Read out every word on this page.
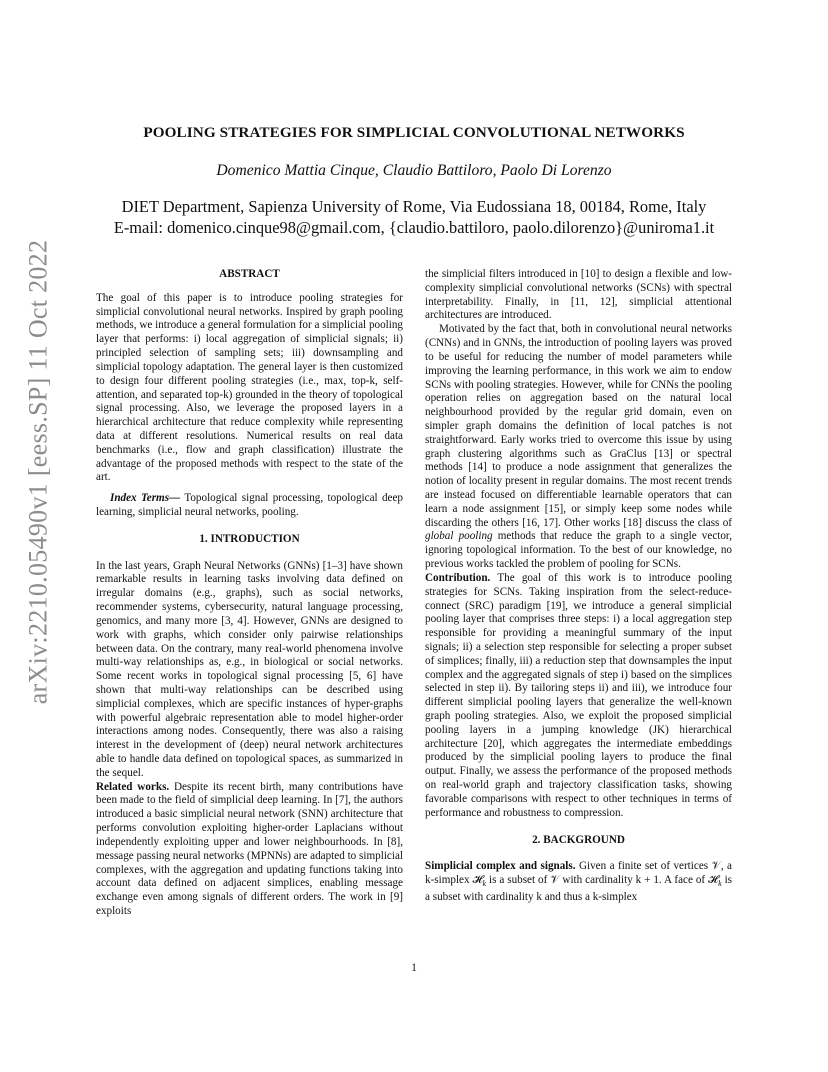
arXiv:2210.05490v1 [eess.SP] 11 Oct 2022
POOLING STRATEGIES FOR SIMPLICIAL CONVOLUTIONAL NETWORKS
Domenico Mattia Cinque, Claudio Battiloro, Paolo Di Lorenzo
DIET Department, Sapienza University of Rome, Via Eudossiana 18, 00184, Rome, Italy
E-mail: domenico.cinque98@gmail.com, {claudio.battiloro, paolo.dilorenzo}@uniroma1.it
ABSTRACT

The goal of this paper is to introduce pooling strategies for simplicial convolutional neural networks. Inspired by graph pooling methods, we introduce a general formulation for a simplicial pooling layer that performs: i) local aggregation of simplicial signals; ii) principled selection of sampling sets; iii) downsampling and simplicial topology adaptation. The general layer is then customized to design four different pooling strategies (i.e., max, top-k, self-attention, and separated top-k) grounded in the theory of topological signal processing. Also, we leverage the proposed layers in a hierarchical architecture that reduce complexity while representing data at different resolutions. Numerical results on real data benchmarks (i.e., flow and graph classification) illustrate the advantage of the proposed methods with respect to the state of the art.

Index Terms— Topological signal processing, topological deep learning, simplicial neural networks, pooling.

1. INTRODUCTION

In the last years, Graph Neural Networks (GNNs) [1–3] have shown remarkable results in learning tasks involving data defined on irregular domains (e.g., graphs), such as social networks, recommender systems, cybersecurity, natural language processing, genomics, and many more [3, 4]. However, GNNs are designed to work with graphs, which consider only pairwise relationships between data. On the contrary, many real-world phenomena involve multi-way relationships as, e.g., in biological or social networks. Some recent works in topological signal processing [5, 6] have shown that multi-way relationships can be described using simplicial complexes, which are specific instances of hyper-graphs with powerful algebraic representation able to model higher-order interactions among nodes. Consequently, there was also a raising interest in the development of (deep) neural network architectures able to handle data defined on topological spaces, as summarized in the sequel.

Related works. Despite its recent birth, many contributions have been made to the field of simplicial deep learning. In [7], the authors introduced a basic simplicial neural network (SNN) architecture that performs convolution exploiting higher-order Laplacians without independently exploiting upper and lower neighbourhoods. In [8], message passing neural networks (MPNNs) are adapted to simplicial complexes, with the aggregation and updating functions taking into account data defined on adjacent simplices, enabling message exchange even among signals of different orders. The work in [9] exploits

the simplicial filters introduced in [10] to design a flexible and low-complexity simplicial convolutional networks (SCNs) with spectral interpretability. Finally, in [11, 12], simplicial attentional architectures are introduced.

Motivated by the fact that, both in convolutional neural networks (CNNs) and in GNNs, the introduction of pooling layers was proved to be useful for reducing the number of model parameters while improving the learning performance, in this work we aim to endow SCNs with pooling strategies. However, while for CNNs the pooling operation relies on aggregation based on the natural local neighbourhood provided by the regular grid domain, even on simpler graph domains the definition of local patches is not straightforward. Early works tried to overcome this issue by using graph clustering algorithms such as GraClus [13] or spectral methods [14] to produce a node assignment that generalizes the notion of locality present in regular domains. The most recent trends are instead focused on differentiable learnable operators that can learn a node assignment [15], or simply keep some nodes while discarding the others [16, 17]. Other works [18] discuss the class of global pooling methods that reduce the graph to a single vector, ignoring topological information. To the best of our knowledge, no previous works tackled the problem of pooling for SCNs.

Contribution. The goal of this work is to introduce pooling strategies for SCNs. Taking inspiration from the select-reduce-connect (SRC) paradigm [19], we introduce a general simplicial pooling layer that comprises three steps: i) a local aggregation step responsible for providing a meaningful summary of the input signals; ii) a selection step responsible for selecting a proper subset of simplices; finally, iii) a reduction step that downsamples the input complex and the aggregated signals of step i) based on the simplices selected in step ii). By tailoring steps ii) and iii), we introduce four different simplicial pooling layers that generalize the well-known graph pooling strategies. Also, we exploit the proposed simplicial pooling layers in a jumping knowledge (JK) hierarchical architecture [20], which aggregates the intermediate embeddings produced by the simplicial pooling layers to produce the final output. Finally, we assess the performance of the proposed methods on real-world graph and trajectory classification tasks, showing favorable comparisons with respect to other techniques in terms of performance and robustness to compression.

2. BACKGROUND

Simplicial complex and signals. Given a finite set of vertices 𝒱, a k-simplex 𝓗$_k$ is a subset of 𝒱 with cardinality k + 1. A face of 𝓗$_k$ is a subset with cardinality k and thus a k-simplex

1
